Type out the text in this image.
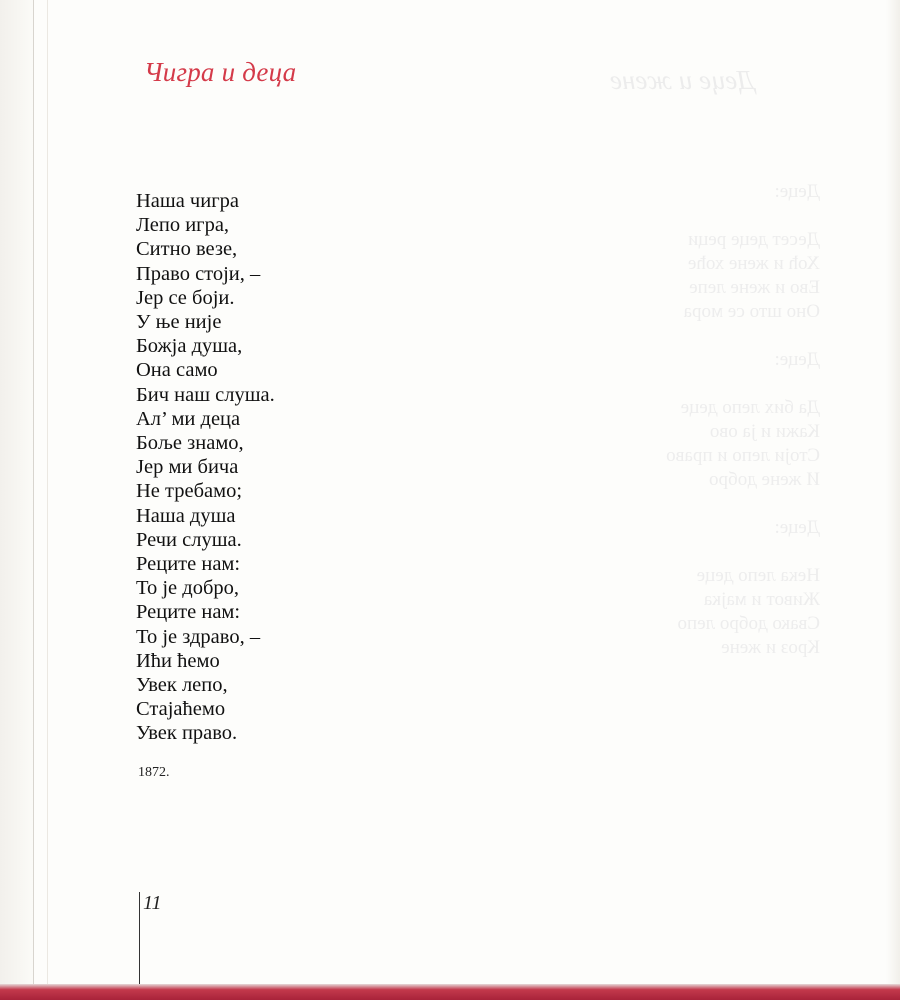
Деце и жене
Деце:

Десет деце реци
Хоћ и жене хоће
Ево и жене лепе
Оно што се мора

Деце:

Да бих лепо деце
Кажи и ја ово
Стоји лепо и право
И жене добро

Деце:

Нека лепо деце
Живот и мајка
Свако добро лепо
Кроз и жене
Чигра и деца
Наша чигра
Лепо игра,
Ситно везе,
Право стоји, –
Јер се боји.
У ње није
Божја душа,
Она само
Бич наш слуша.
Ал’ ми деца
Боље знамо,
Јер ми бича
Не требамо;
Наша душа
Речи слуша.
Реците нам:
То је добро,
Реците нам:
То је здраво, –
Ићи ћемо
Увек лепо,
Стајаћемо
Увек право.
1872.
11
